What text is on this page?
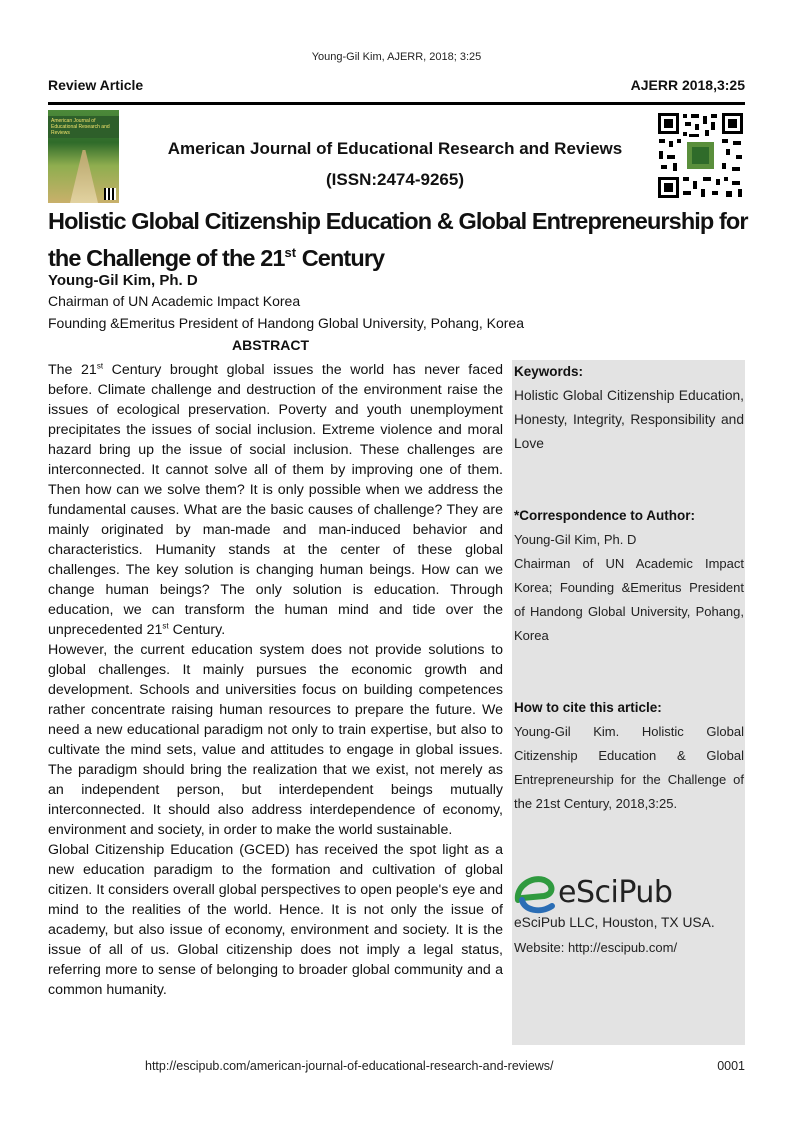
Young-Gil Kim, AJERR, 2018; 3:25
Review Article	AJERR 2018,3:25
American Journal of Educational Research and Reviews
American Journal of Educational Research and Reviews
(ISSN:2474-9265)
Holistic Global Citizenship Education & Global Entrepreneurship for the Challenge of the 21st Century
Young-Gil Kim, Ph. D
Chairman of UN Academic Impact Korea
Founding &Emeritus President of Handong Global University, Pohang, Korea
ABSTRACT

The 21st Century brought global issues the world has never faced before. Climate challenge and destruction of the environment raise the issues of ecological preservation. Poverty and youth unemployment precipitates the issues of social inclusion. Extreme violence and moral hazard bring up the issue of social inclusion. These challenges are interconnected. It cannot solve all of them by improving one of them. Then how can we solve them? It is only possible when we address the fundamental causes. What are the basic causes of challenge? They are mainly originated by man-made and man-induced behavior and characteristics. Humanity stands at the center of these global challenges. The key solution is changing human beings. How can we change human beings? The only solution is education. Through education, we can transform the human mind and tide over the unprecedented 21st Century.

However, the current education system does not provide solutions to global challenges. It mainly pursues the economic growth and development. Schools and universities focus on building competences rather concentrate raising human resources to prepare the future. We need a new educational paradigm not only to train expertise, but also to cultivate the mind sets, value and attitudes to engage in global issues. The paradigm should bring the realization that we exist, not merely as an independent person, but interdependent beings mutually interconnected. It should also address interdependence of economy, environment and society, in order to make the world sustainable.

Global Citizenship Education (GCED) has received the spot light as a new education paradigm to the formation and cultivation of global citizen. It considers overall global perspectives to open people's eye and mind to the realities of the world. Hence. It is not only the issue of academy, but also issue of economy, environment and society. It is the issue of all of us. Global citizenship does not imply a legal status, referring more to sense of belonging to broader global community and a common humanity.

Keywords:
Holistic Global Citizenship Education, Honesty, Integrity, Responsibility and Love
*Correspondence to Author:
Young-Gil Kim, Ph. D
Chairman of UN Academic Impact Korea; Founding &Emeritus President of Handong Global University, Pohang, Korea
How to cite this article:
Young-Gil Kim. Holistic Global Citizenship Education & Global Entrepreneurship for the Challenge of the 21st Century, 2018,3:25.
eSciPub
eSciPub LLC, Houston, TX USA.
Website: http://escipub.com/
http://escipub.com/american-journal-of-educational-research-and-reviews/	0001
